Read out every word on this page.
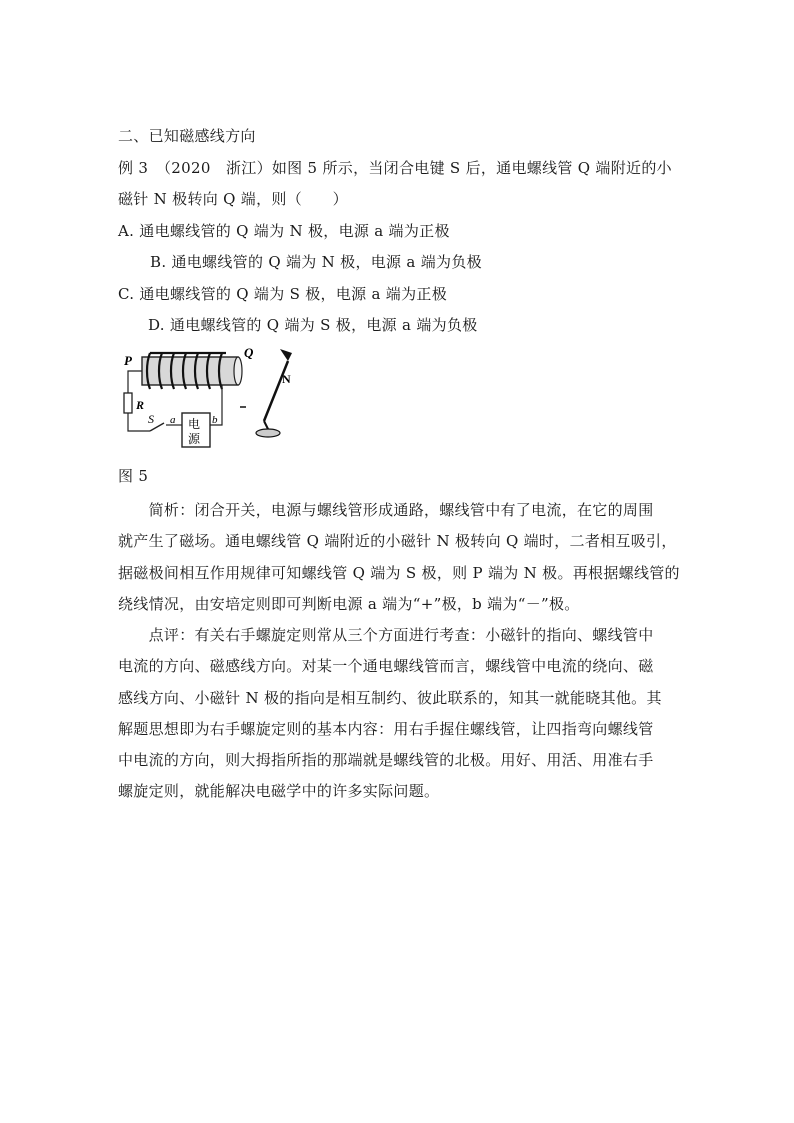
二、已知磁感线方向
例 3　（2020　浙江）如图 5 所示，当闭合电键 S 后，通电螺线管 Q 端附近的小
磁针 N 极转向 Q 端，则（　　）
A. 通电螺线管的 Q 端为 N 极，电源 a 端为正极
B. 通电螺线管的 Q 端为 N 极，电源 a 端为负极
C. 通电螺线管的 Q 端为 S 极，电源 a 端为正极
D. 通电螺线管的 Q 端为 S 极，电源 a 端为负极
P
Q
N
R
S a 电
源
b
图 5
　　简析：闭合开关，电源与螺线管形成通路，螺线管中有了电流，在它的周围
就产生了磁场。通电螺线管 Q 端附近的小磁针 N 极转向 Q 端时，二者相互吸引，
据磁极间相互作用规律可知螺线管 Q 端为 S 极，则 P 端为 N 极。再根据螺线管的
绕线情况，由安培定则即可判断电源 a 端为“+”极，b 端为“－”极。
　　点评：有关右手螺旋定则常从三个方面进行考查：小磁针的指向、螺线管中
电流的方向、磁感线方向。对某一个通电螺线管而言，螺线管中电流的绕向、磁
感线方向、小磁针 N 极的指向是相互制约、彼此联系的，知其一就能晓其他。其
解题思想即为右手螺旋定则的基本内容：用右手握住螺线管，让四指弯向螺线管
中电流的方向，则大拇指所指的那端就是螺线管的北极。用好、用活、用准右手
螺旋定则，就能解决电磁学中的许多实际问题。
